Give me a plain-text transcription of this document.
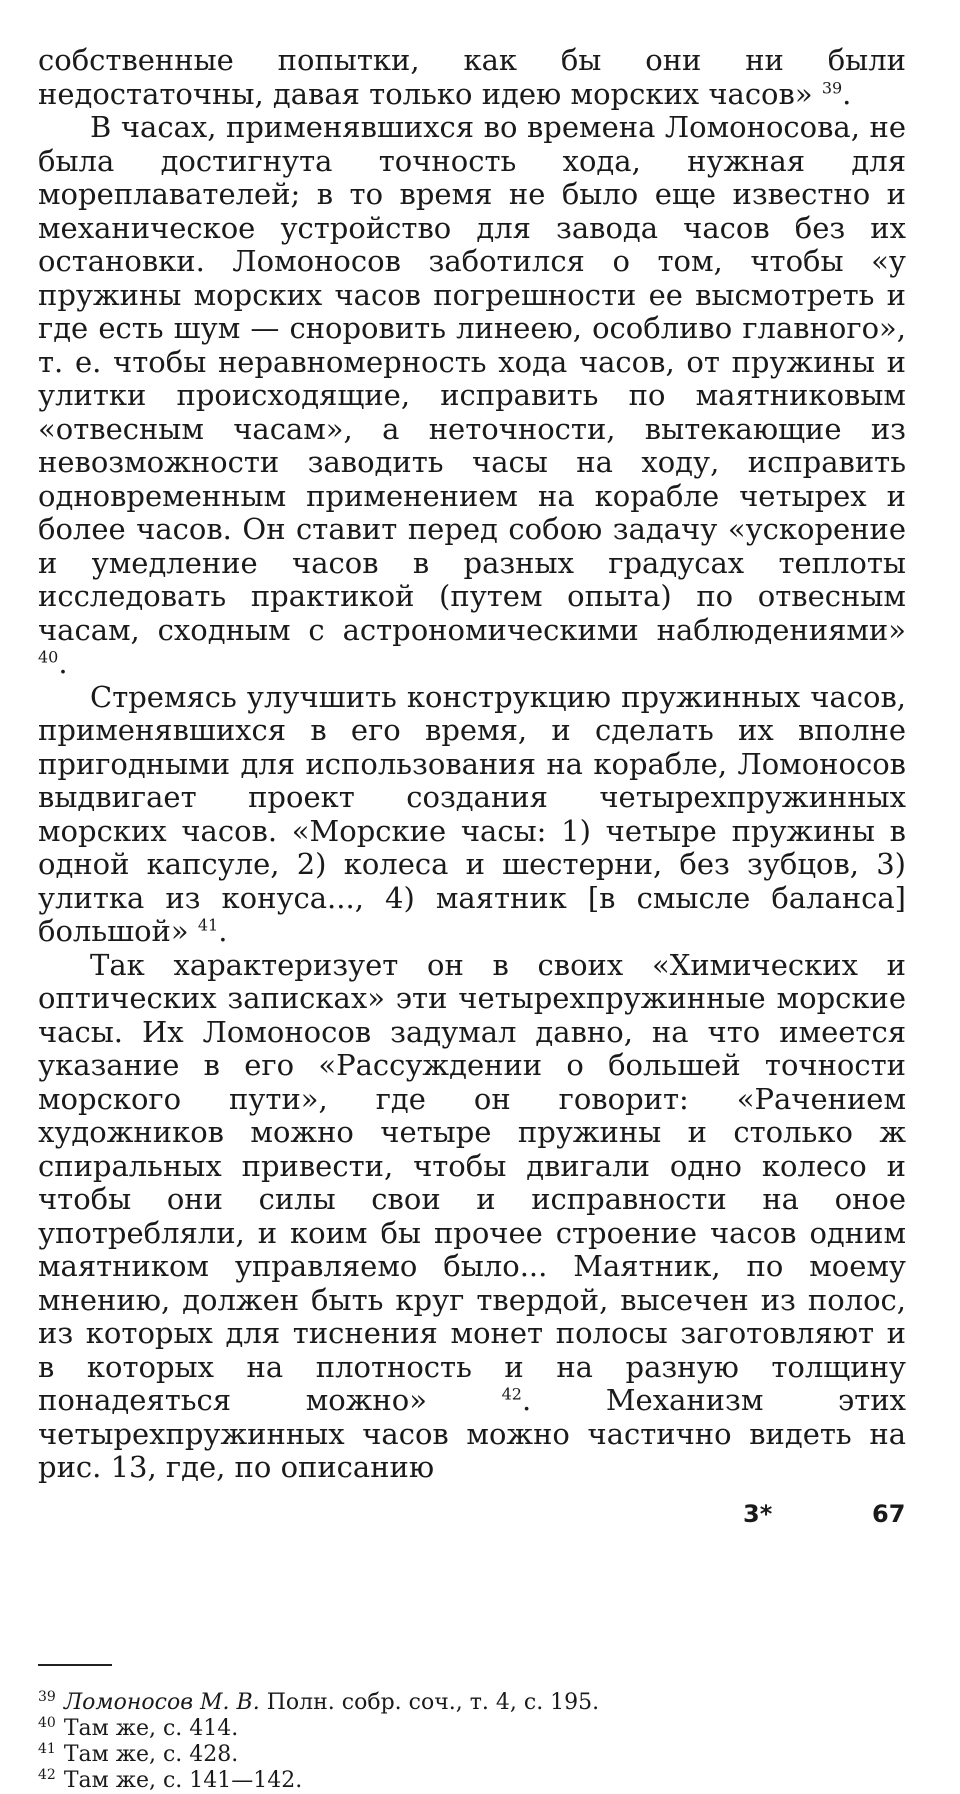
собственные попытки, как бы они ни были недостаточны, давая только идею морских часов» $^{39}$.

В часах, применявшихся во времена Ломоносова, не была достигнута точность хода, нужная для мореплавателей; в то время не было еще известно и механическое устройство для завода часов без их остановки. Ломоносов заботился о том, чтобы «у пружины морских часов погрешности ее высмотреть и где есть шум — сноровить линеею, особливо главного», т. е. чтобы неравномерность хода часов, от пружины и улитки происходящие, исправить по маятниковым «отвесным часам», а неточности, вытекающие из невозможности заводить часы на ходу, исправить одновременным применением на корабле четырех и более часов. Он ставит перед собою задачу «ускорение и умедление часов в разных градусах теплоты исследовать практикой (путем опыта) по отвесным часам, сходным с астрономическими наблюдениями» $^{40}$.

Стремясь улучшить конструкцию пружинных часов, применявшихся в его время, и сделать их вполне пригодными для использования на корабле, Ломоносов выдвигает проект создания четырехпружинных морских часов. «Морские часы: 1) четыре пружины в одной капсуле, 2) колеса и шестерни, без зубцов, 3) улитка из конуса..., 4) маятник [в смысле баланса] большой» $^{41}$.

Так характеризует он в своих «Химических и оптических записках» эти четырехпружинные морские часы. Их Ломоносов задумал давно, на что имеется указание в его «Рассуждении о большей точности морского пути», где он говорит: «Рачением художников можно четыре пружины и столько ж спиральных привести, чтобы двигали одно колесо и чтобы они силы свои и исправности на оное употребляли, и коим бы прочее строение часов одним маятником управляемо было... Маятник, по моему мнению, должен быть круг твердой, высечен из полос, из которых для тиснения монет полосы заготовляют и в которых на плотность и на разную толщину понадеяться можно»	$^{42}$. Механизм этих четырехпружинных часов можно частично видеть на рис. 13, где, по описанию

3*	67
$^{39}$ Ломоносов М. В. Полн. собр. соч., т. 4, с. 195.
$^{40}$ Там же, с. 414.
$^{41}$ Там же, с. 428.
$^{42}$ Там же, с. 141—142.
